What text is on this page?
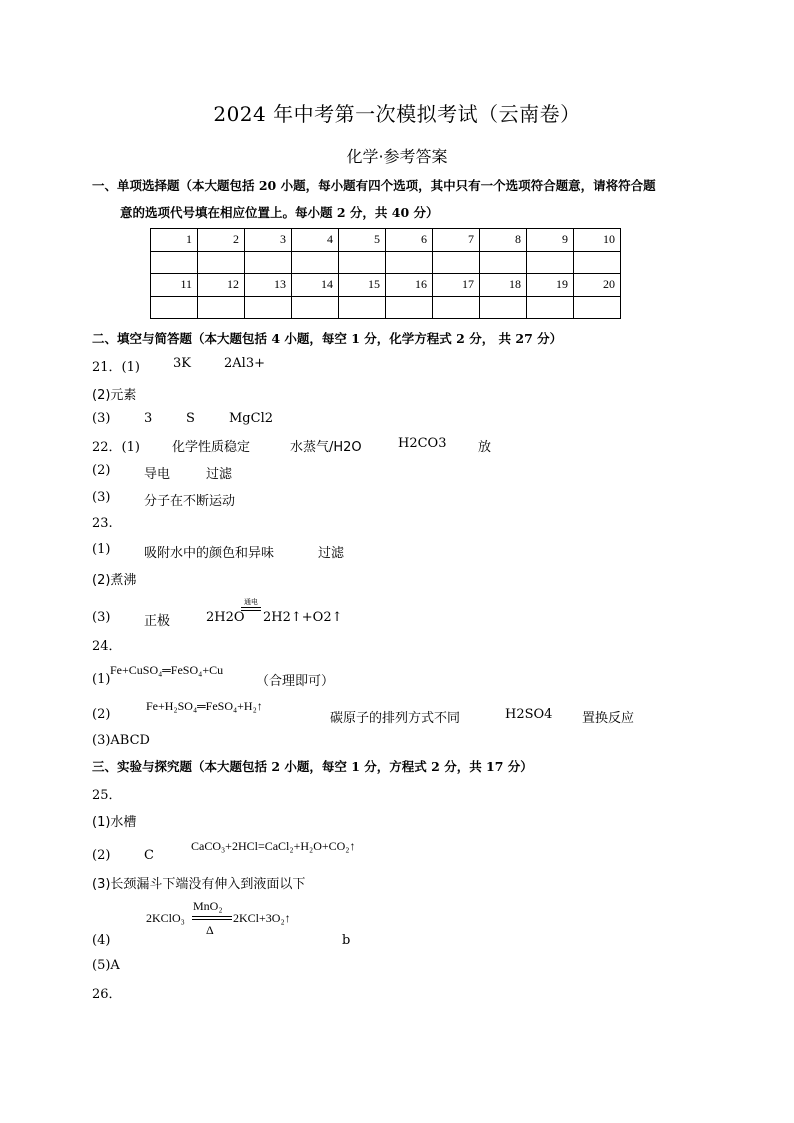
2024 年中考第一次模拟考试（云南卷）
化学·参考答案
一、单项选择题（本大题包括 20 小题，每小题有四个选项，其中只有一个选项符合题意，请将符合题
意的选项代号填在相应位置上。每小题 2 分，共 40 分）
1	2	3	4	5	6	7	8	9	10

11	12	13	14	15	16	17	18	19	20

二、填空与简答题（本大题包括 4 小题，每空 1 分，化学方程式 2 分， 共 27 分）
21．(1)	3K	2Al3+
(2)元素
(3)	3	S	MgCl2
22．(1) 化学性质稳定	水蒸气/H2O	H2CO3 放
(2)	导电	过滤
(3)	分子在不断运动
23.
(1)	吸附水中的颜色和异味	过滤
(2)煮沸
(3)	正极	2H2O
通电
2H2↑+O2↑
24．
(1)
Fe+CuSO₄═FeSO₄+Cu
（合理即可）
(2)
Fe+H₂SO₄═FeSO₄+H₂↑
碳原子的排列方式不同	H2SO4 置换反应
(3)ABCD
三、实验与探究题（本大题包括 2 小题，每空 1 分，方程式 2 分，共 17 分）
25．
(1)水槽
(2)	C
CaCO₃+2HCl=CaCl₂+H₂O+CO₂↑
(3)长颈漏斗下端没有伸入到液面以下
(4)
2KClO₃
MnO₂
Δ
2KCl+3O₂↑
b
(5)A
26．
